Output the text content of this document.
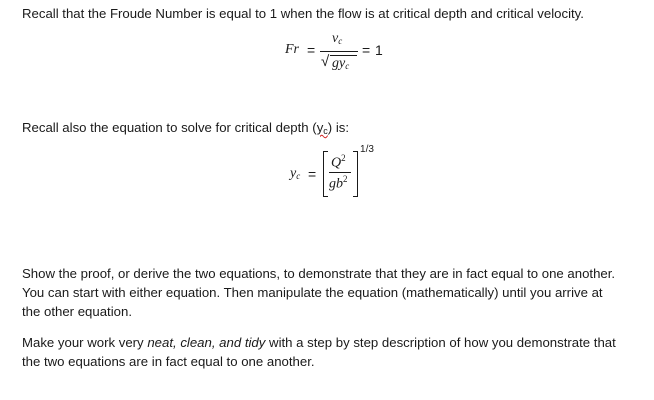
Recall that the Froude Number is equal to 1 when the flow is at critical depth and critical velocity.
Fr =
$v_c$
√ $gy_c$
= 1
Recall also the equation to solve for critical depth $(y_c)$ is:
$y_c$ =
$Q^2$
$gb^2$
1/3
Show the proof, or derive the two equations, to demonstrate that they are in fact equal to one another.
You can start with either equation. Then manipulate the equation (mathematically) until you arrive at
the other equation.
Make your work very neat, clean, and tidy with a step by step description of how you demonstrate that
the two equations are in fact equal to one another.
